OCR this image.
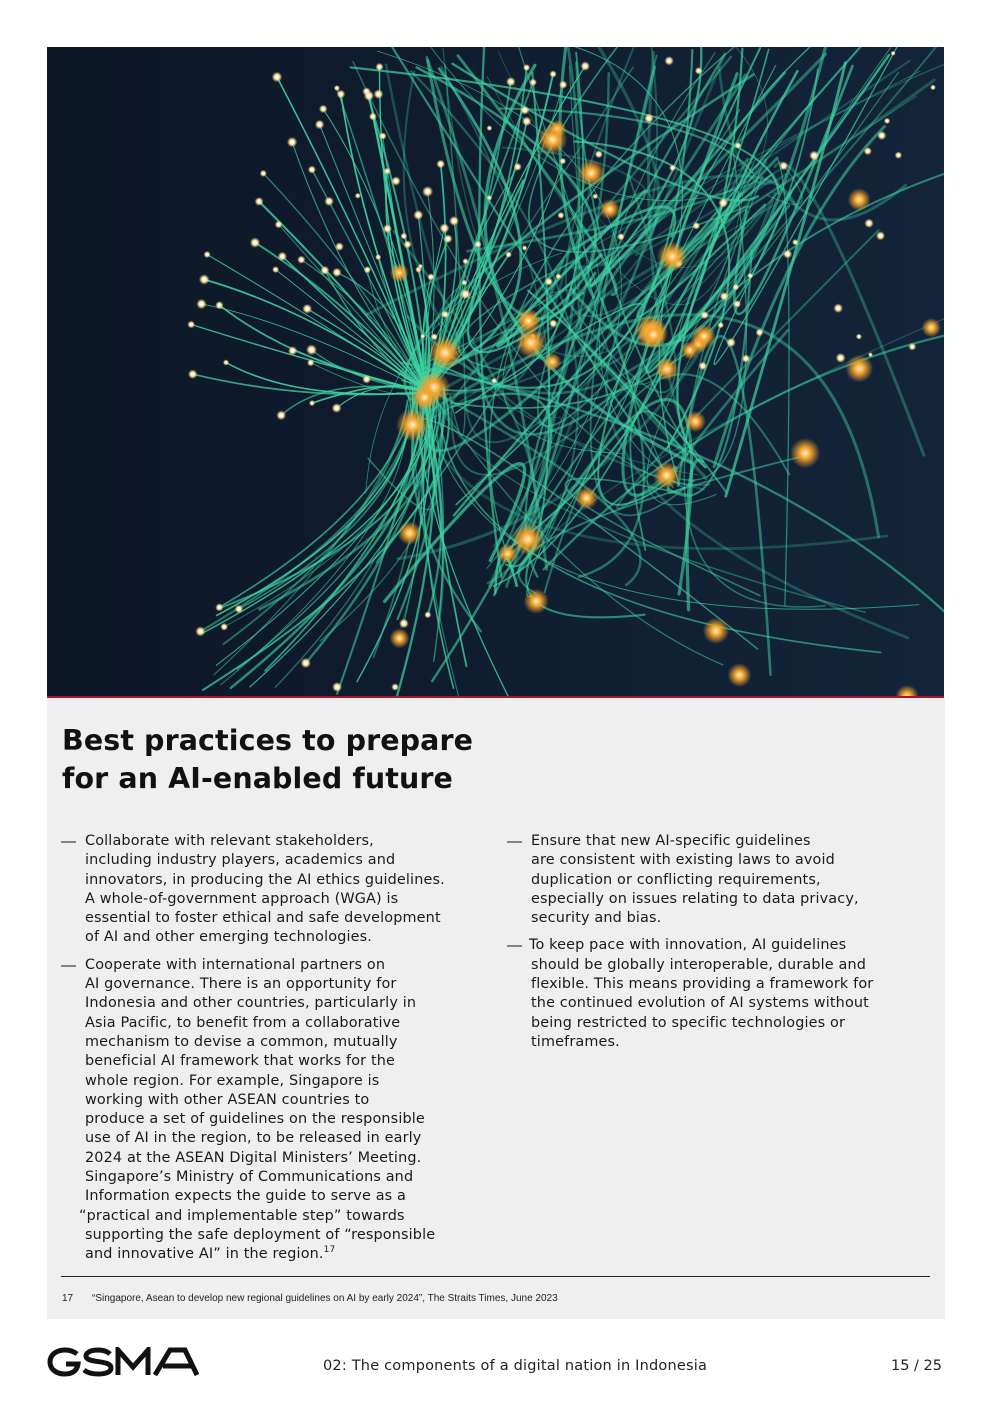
Best practices to prepare
for an AI-enabled future
— Collaborate with relevant stakeholders,
including industry players, academics and
innovators, in producing the AI ethics guidelines.
A whole-of-government approach (WGA) is
essential to foster ethical and safe development
of AI and other emerging technologies.
— Cooperate with international partners on
AI governance. There is an opportunity for
Indonesia and other countries, particularly in
Asia Pacific, to benefit from a collaborative
mechanism to devise a common, mutually
beneficial AI framework that works for the
whole region. For example, Singapore is
working with other ASEAN countries to
produce a set of guidelines on the responsible
use of AI in the region, to be released in early
2024 at the ASEAN Digital Ministers’ Meeting.
Singapore’s Ministry of Communications and
Information expects the guide to serve as a
“practical and implementable step” towards
supporting the safe deployment of “responsible
and innovative AI” in the region.$^{17}$
— Ensure that new AI-specific guidelines
are consistent with existing laws to avoid
duplication or conflicting requirements,
especially on issues relating to data privacy,
security and bias.
— To keep pace with innovation, AI guidelines
should be globally interoperable, durable and
flexible. This means providing a framework for
the continued evolution of AI systems without
being restricted to specific technologies or
timeframes.
17 “Singapore, Asean to develop new regional guidelines on AI by early 2024”, The Straits Times, June 2023
02: The components of a digital nation in Indonesia	15 / 25
